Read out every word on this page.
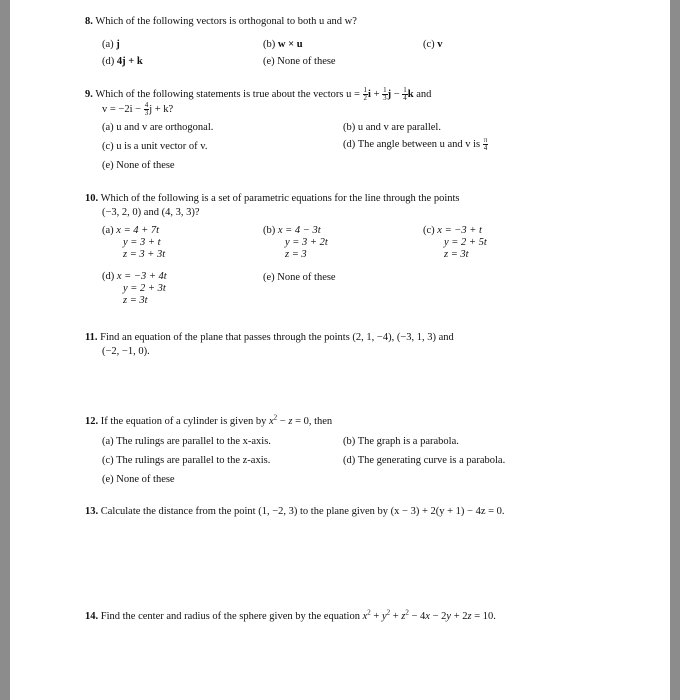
8. Which of the following vectors is orthogonal to both u and w?
(a) j	(b) w × u	(c) v
(d) 4j + k	(e) None of these
9. Which of the following statements is true about the vectors $u = \frac{1}{2}$ $i + \frac{1}{3}$ $j - \frac{1}{4}$ k and
$v = -2i - \frac{4}{3}$ j + k?
(a) u and v are orthogonal.	(b) u and v are parallel.
(c) u is a unit vector of v.	(d) The angle between u and v is $\frac{\pi}{4}$
(e) None of these
10. Which of the following is a set of parametric equations for the line through the points
(−3, 2, 0) and (4, 3, 3)?
(a) x = 4 + 7t
y = 3 + t
z = 3 + 3t
(b) x = 4 − 3t
y = 3 + 2t
z = 3
(c) x = −3 + t
y = 2 + 5t
z = 3t
(d) x = −3 + 4t
y = 2 + 3t
z = 3t
(e) None of these
11. Find an equation of the plane that passes through the points (2, 1, −4), (−3, 1, 3) and
(−2, −1, 0).
12. If the equation of a cylinder is given by $x^2 - z = 0$, then
(a) The rulings are parallel to the x-axis.	(b) The graph is a parabola.
(c) The rulings are parallel to the z-axis.	(d) The generating curve is a parabola.
(e) None of these
13. Calculate the distance from the point (1, −2, 3) to the plane given by (x − 3) + 2(y + 1) − 4z = 0.
14. Find the center and radius of the sphere given by the equation $x^2 + y^2 + z^2 - 4x - 2y + 2z = 10$.
